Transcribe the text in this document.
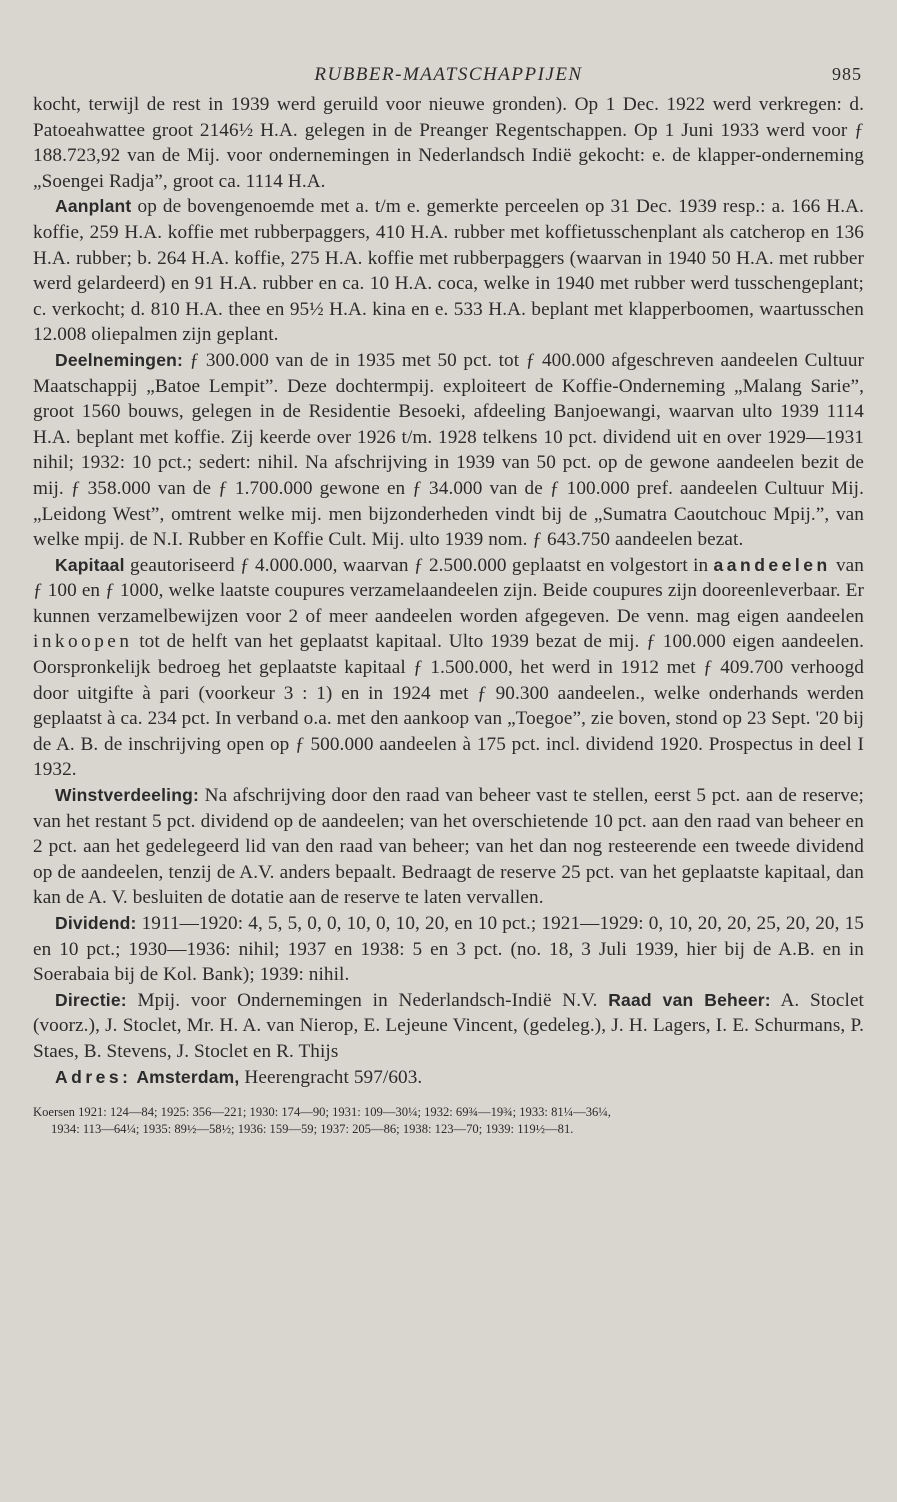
RUBBER-MAATSCHAPPIJEN	985

kocht, terwijl de rest in 1939 werd geruild voor nieuwe gronden). Op 1 Dec. 1922 werd verkregen: d. Patoeahwattee groot 2146½ H.A. gelegen in de Preanger Regentschappen. Op 1 Juni 1933 werd voor ƒ 188.723,92 van de Mij. voor ondernemingen in Nederlandsch Indië gekocht: e. de klapper-onderneming „Soengei Radja”, groot ca. 1114 H.A.

Aanplant op de bovengenoemde met a. t/m e. gemerkte perceelen op 31 Dec. 1939 resp.: a. 166 H.A. koffie, 259 H.A. koffie met rubberpaggers, 410 H.A. rubber met koffietusschenplant als catcherop en 136 H.A. rubber; b. 264 H.A. koffie, 275 H.A. koffie met rubberpaggers (waarvan in 1940 50 H.A. met rubber werd gelardeerd) en 91 H.A. rubber en ca. 10 H.A. coca, welke in 1940 met rubber werd tusschengeplant; c. verkocht; d. 810 H.A. thee en 95½ H.A. kina en e. 533 H.A. beplant met klapperboomen, waartusschen 12.008 oliepalmen zijn geplant.

Deelnemingen: ƒ 300.000 van de in 1935 met 50 pct. tot ƒ 400.000 afgeschreven aandeelen Cultuur Maatschappij „Batoe Lempit”. Deze dochtermpij. exploiteert de Koffie-Onderneming „Malang Sarie”, groot 1560 bouws, gelegen in de Residentie Besoeki, afdeeling Banjoewangi, waarvan ulto 1939 1114 H.A. beplant met koffie. Zij keerde over 1926 t/m. 1928 telkens 10 pct. dividend uit en over 1929—1931 nihil; 1932: 10 pct.; sedert: nihil. Na afschrijving in 1939 van 50 pct. op de gewone aandeelen bezit de mij. ƒ 358.000 van de ƒ 1.700.000 gewone en ƒ 34.000 van de ƒ 100.000 pref. aandeelen Cultuur Mij. „Leidong West”, omtrent welke mij. men bijzonderheden vindt bij de „Sumatra Caoutchouc Mpij.”, van welke mpij. de N.I. Rubber en Koffie Cult. Mij. ulto 1939 nom. ƒ 643.750 aandeelen bezat.

Kapitaal geautoriseerd ƒ 4.000.000, waarvan ƒ 2.500.000 geplaatst en volgestort in aandeelen van ƒ 100 en ƒ 1000, welke laatste coupures verzamelaandeelen zijn. Beide coupures zijn dooreenleverbaar. Er kunnen verzamelbewijzen voor 2 of meer aandeelen worden afgegeven. De venn. mag eigen aandeelen inkoopen tot de helft van het geplaatst kapitaal. Ulto 1939 bezat de mij. ƒ 100.000 eigen aandeelen. Oorspronkelijk bedroeg het geplaatste kapitaal ƒ 1.500.000, het werd in 1912 met ƒ 409.700 verhoogd door uitgifte à pari (voorkeur 3 : 1) en in 1924 met ƒ 90.300 aandeelen., welke onderhands werden geplaatst à ca. 234 pct. In verband o.a. met den aankoop van „Toegoe”, zie boven, stond op 23 Sept. '20 bij de A. B. de inschrijving open op ƒ 500.000 aandeelen à 175 pct. incl. dividend 1920. Prospectus in deel I 1932.

Winstverdeeling: Na afschrijving door den raad van beheer vast te stellen, eerst 5 pct. aan de reserve; van het restant 5 pct. dividend op de aandeelen; van het overschietende 10 pct. aan den raad van beheer en 2 pct. aan het gedelegeerd lid van den raad van beheer; van het dan nog resteerende een tweede dividend op de aandeelen, tenzij de A.V. anders bepaalt. Bedraagt de reserve 25 pct. van het geplaatste kapitaal, dan kan de A. V. besluiten de dotatie aan de reserve te laten vervallen.

Dividend: 1911—1920: 4, 5, 5, 0, 0, 10, 0, 10, 20, en 10 pct.; 1921—1929: 0, 10, 20, 20, 25, 20, 20, 15 en 10 pct.; 1930—1936: nihil; 1937 en 1938: 5 en 3 pct. (no. 18, 3 Juli 1939, hier bij de A.B. en in Soerabaia bij de Kol. Bank); 1939: nihil.

Directie: Mpij. voor Ondernemingen in Nederlandsch-Indië N.V. Raad van Beheer: A. Stoclet (voorz.), J. Stoclet, Mr. H. A. van Nierop, E. Lejeune Vincent, (gedeleg.), J. H. Lagers, I. E. Schurmans, P. Staes, B. Stevens, J. Stoclet en R. Thijs

Adres: Amsterdam, Heerengracht 597/603.

Koersen 1921: 124—84; 1925: 356—221; 1930: 174—90; 1931: 109—30¼; 1932: 69¾—19¾; 1933: 81¼—36¼,
1934: 113—64¼; 1935: 89½—58½; 1936: 159—59; 1937: 205—86; 1938: 123—70; 1939: 119½—81.
